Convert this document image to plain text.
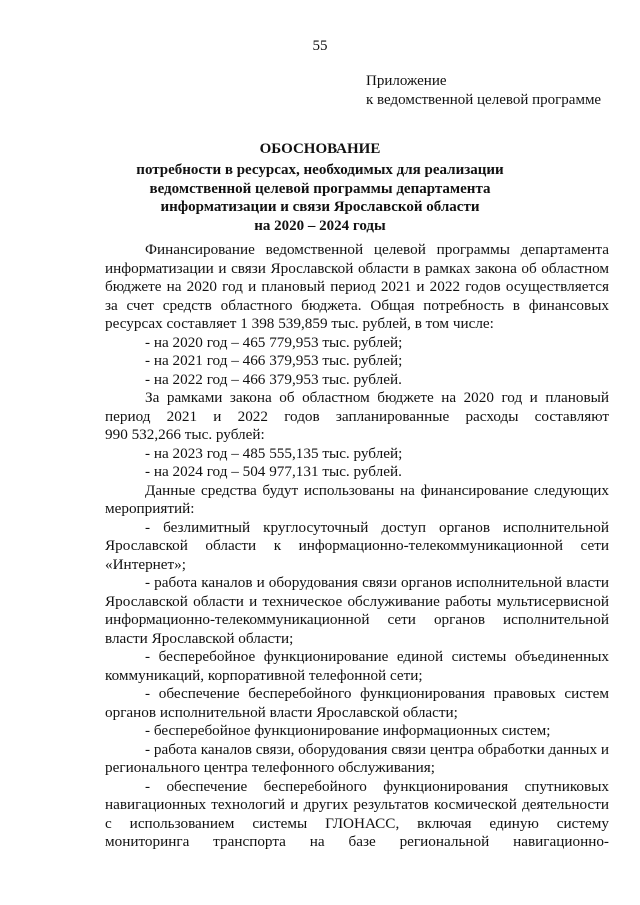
55
Приложение
к ведомственной целевой программе
ОБОСНОВАНИЕ
потребности в ресурсах, необходимых для реализации
ведомственной целевой программы департамента
информатизации и связи Ярославской области
на 2020 – 2024 годы
Финансирование ведомственной целевой программы департамента
информатизации и связи Ярославской области в рамках закона об областном
бюджете на 2020 год и плановый период 2021 и 2022 годов осуществляется
за счет средств областного бюджета. Общая потребность в финансовых
ресурсах составляет 1 398 539,859 тыс. рублей, в том числе:
- на 2020 год – 465 779,953 тыс. рублей;
- на 2021 год – 466 379,953 тыс. рублей;
- на 2022 год – 466 379,953 тыс. рублей.
За рамками закона об областном бюджете на 2020 год и плановый
период 2021 и 2022 годов запланированные расходы составляют
990 532,266 тыс. рублей:
- на 2023 год – 485 555,135 тыс. рублей;
- на 2024 год – 504 977,131 тыс. рублей.
Данные средства будут использованы на финансирование следующих
мероприятий:
- безлимитный круглосуточный доступ органов исполнительной
Ярославской области к информационно-телекоммуникационной сети
«Интернет»;
- работа каналов и оборудования связи органов исполнительной власти
Ярославской области и техническое обслуживание работы мультисервисной
информационно-телекоммуникационной сети органов исполнительной
власти Ярославской области;
- бесперебойное функционирование единой системы объединенных
коммуникаций, корпоративной телефонной сети;
- обеспечение бесперебойного функционирования правовых систем
органов исполнительной власти Ярославской области;
- бесперебойное функционирование информационных систем;
- работа каналов связи, оборудования связи центра обработки данных и
регионального центра телефонного обслуживания;
- обеспечение бесперебойного функционирования спутниковых
навигационных технологий и других результатов космической деятельности
с использованием системы ГЛОНАСС, включая единую систему
мониторинга транспорта на базе региональной навигационно-
